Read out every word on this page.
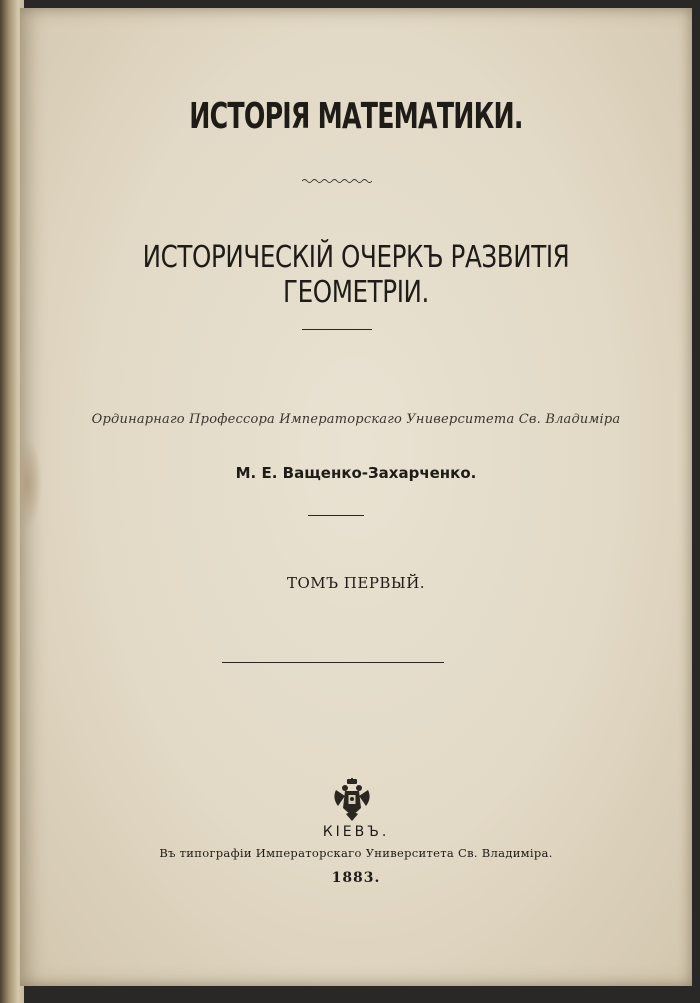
ИСТОРІЯ МАТЕМАТИКИ.
ИСТОРИЧЕСКІЙ ОЧЕРКЪ РАЗВИТІЯ ГЕОМЕТРІИ.
Ординарнаго Профессора Императорскаго Университета Св. Владиміра
М. Е. Ващенко-Захарченко.
ТОМЪ ПЕРВЫЙ.
КІЕВЪ.
Въ типографіи Императорскаго Университета Св. Владиміра.
1883.
